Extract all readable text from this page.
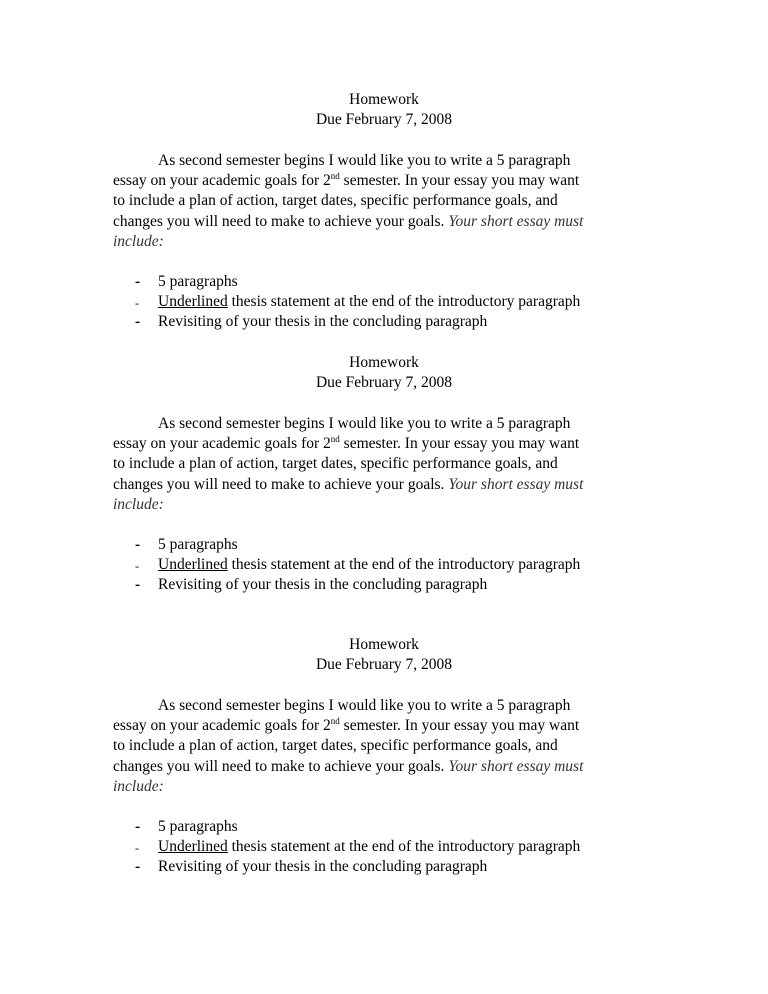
Homework
Due February 7, 2008
As second semester begins I would like you to write a 5 paragraph
essay on your academic goals for 2nd semester. In your essay you may want
to include a plan of action, target dates, specific performance goals, and
changes you will need to make to achieve your goals. Your short essay must
include:
- 5 paragraphs
- Underlined thesis statement at the end of the introductory paragraph
- Revisiting of your thesis in the concluding paragraph
Homework
Due February 7, 2008
As second semester begins I would like you to write a 5 paragraph
essay on your academic goals for 2nd semester. In your essay you may want
to include a plan of action, target dates, specific performance goals, and
changes you will need to make to achieve your goals. Your short essay must
include:
- 5 paragraphs
- Underlined thesis statement at the end of the introductory paragraph
- Revisiting of your thesis in the concluding paragraph
Homework
Due February 7, 2008
As second semester begins I would like you to write a 5 paragraph
essay on your academic goals for 2nd semester. In your essay you may want
to include a plan of action, target dates, specific performance goals, and
changes you will need to make to achieve your goals. Your short essay must
include:
- 5 paragraphs
- Underlined thesis statement at the end of the introductory paragraph
- Revisiting of your thesis in the concluding paragraph
